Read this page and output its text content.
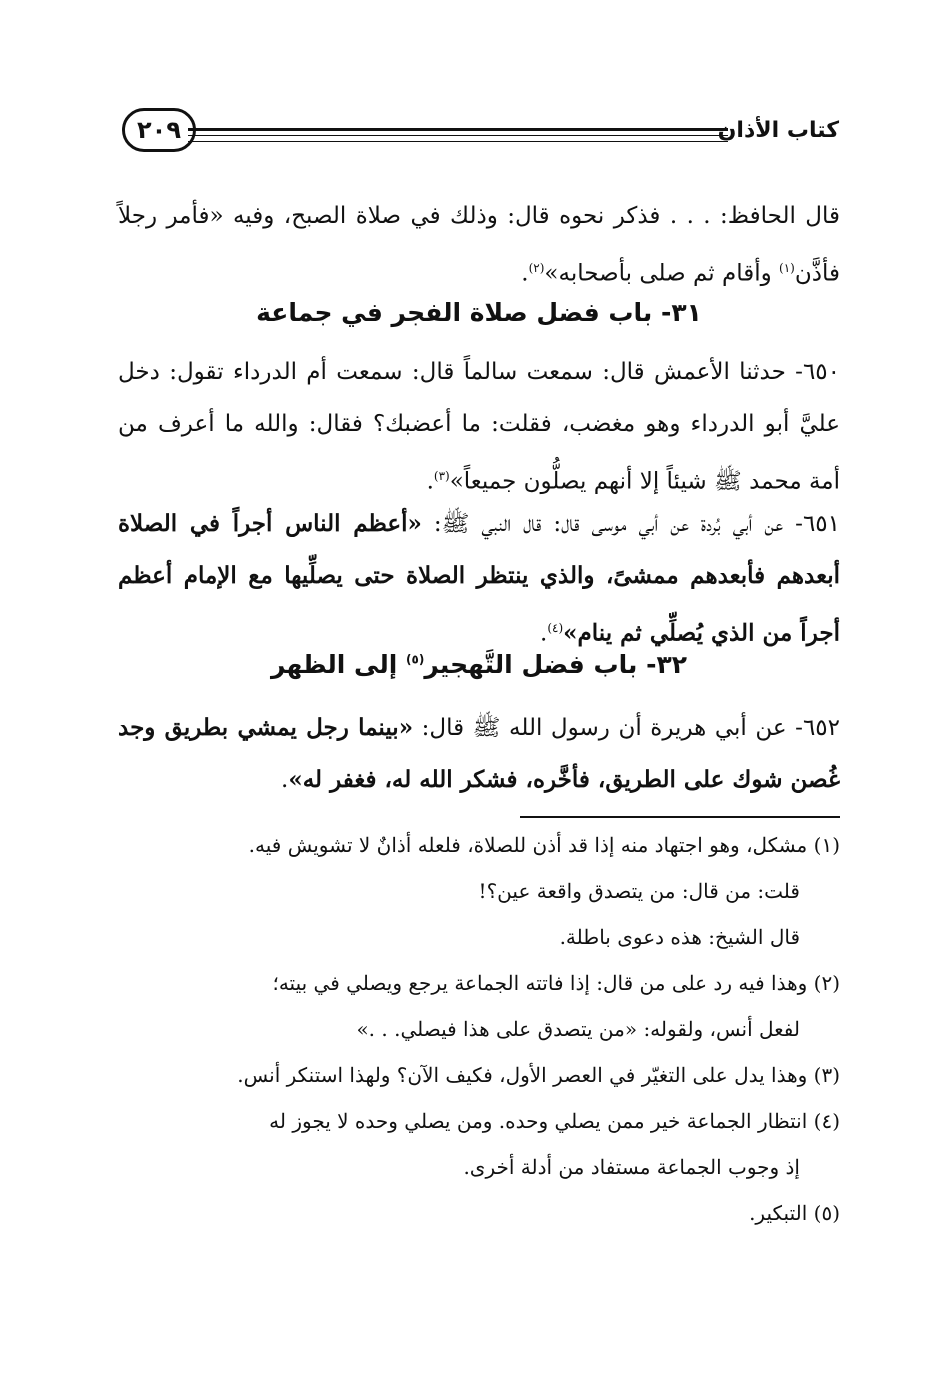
كتاب الأذان
٢٠٩

قال الحافظ: . . . فذكر نحوه قال: وذلك في صلاة الصبح، وفيه «فأمر رجلاً فأذَّن$^{(١)}$ وأقام ثم صلى بأصحابه»$^{(٢)}$.

٣١- باب فضل صلاة الفجر في جماعة

٦٥٠- حدثنا الأعمش قال: سمعت سالماً قال: سمعت أم الدرداء تقول: دخل عليَّ أبو الدرداء وهو مغضب، فقلت: ما أعضبك؟ فقال: والله ما أعرف من أمة محمد ﷺ شيئاً إلا أنهم يصلُّون جميعاً»$^{(٣)}$.

٦٥١- عن أبي بُردة عن أبي موسى قال: قال النبي ﷺ: «أعظم الناس أجراً في الصلاة أبعدهم فأبعدهم ممشىً، والذي ينتظر الصلاة حتى يصلِّيها مع الإمام أعظم أجراً من الذي يُصلِّي ثم ينام»$^{(٤)}$.

٣٢- باب فضل التَّهجير$^{(٥)}$ إلى الظهر

٦٥٢- عن أبي هريرة أن رسول الله ﷺ قال: «بينما رجل يمشي بطريق وجد غُصن شوك على الطريق، فأخَّره، فشكر الله له، فغفر له».

(١) مشكل، وهو اجتهاد منه إذا قد أذن للصلاة، فلعله أذانٌ لا تشويش فيه.

قلت: من قال: من يتصدق واقعة عين؟!

قال الشيخ: هذه دعوى باطلة.

(٢) وهذا فيه رد على من قال: إذا فاتته الجماعة يرجع ويصلي في بيته؛

لفعل أنس، ولقوله: «من يتصدق على هذا فيصلي. . .»

(٣) وهذا يدل على التغيّر في العصر الأول، فكيف الآن؟ ولهذا استنكر أنس.

(٤) انتظار الجماعة خير ممن يصلي وحده. ومن يصلي وحده لا يجوز له

إذ وجوب الجماعة مستفاد من أدلة أخرى.

(٥) التبكير.
